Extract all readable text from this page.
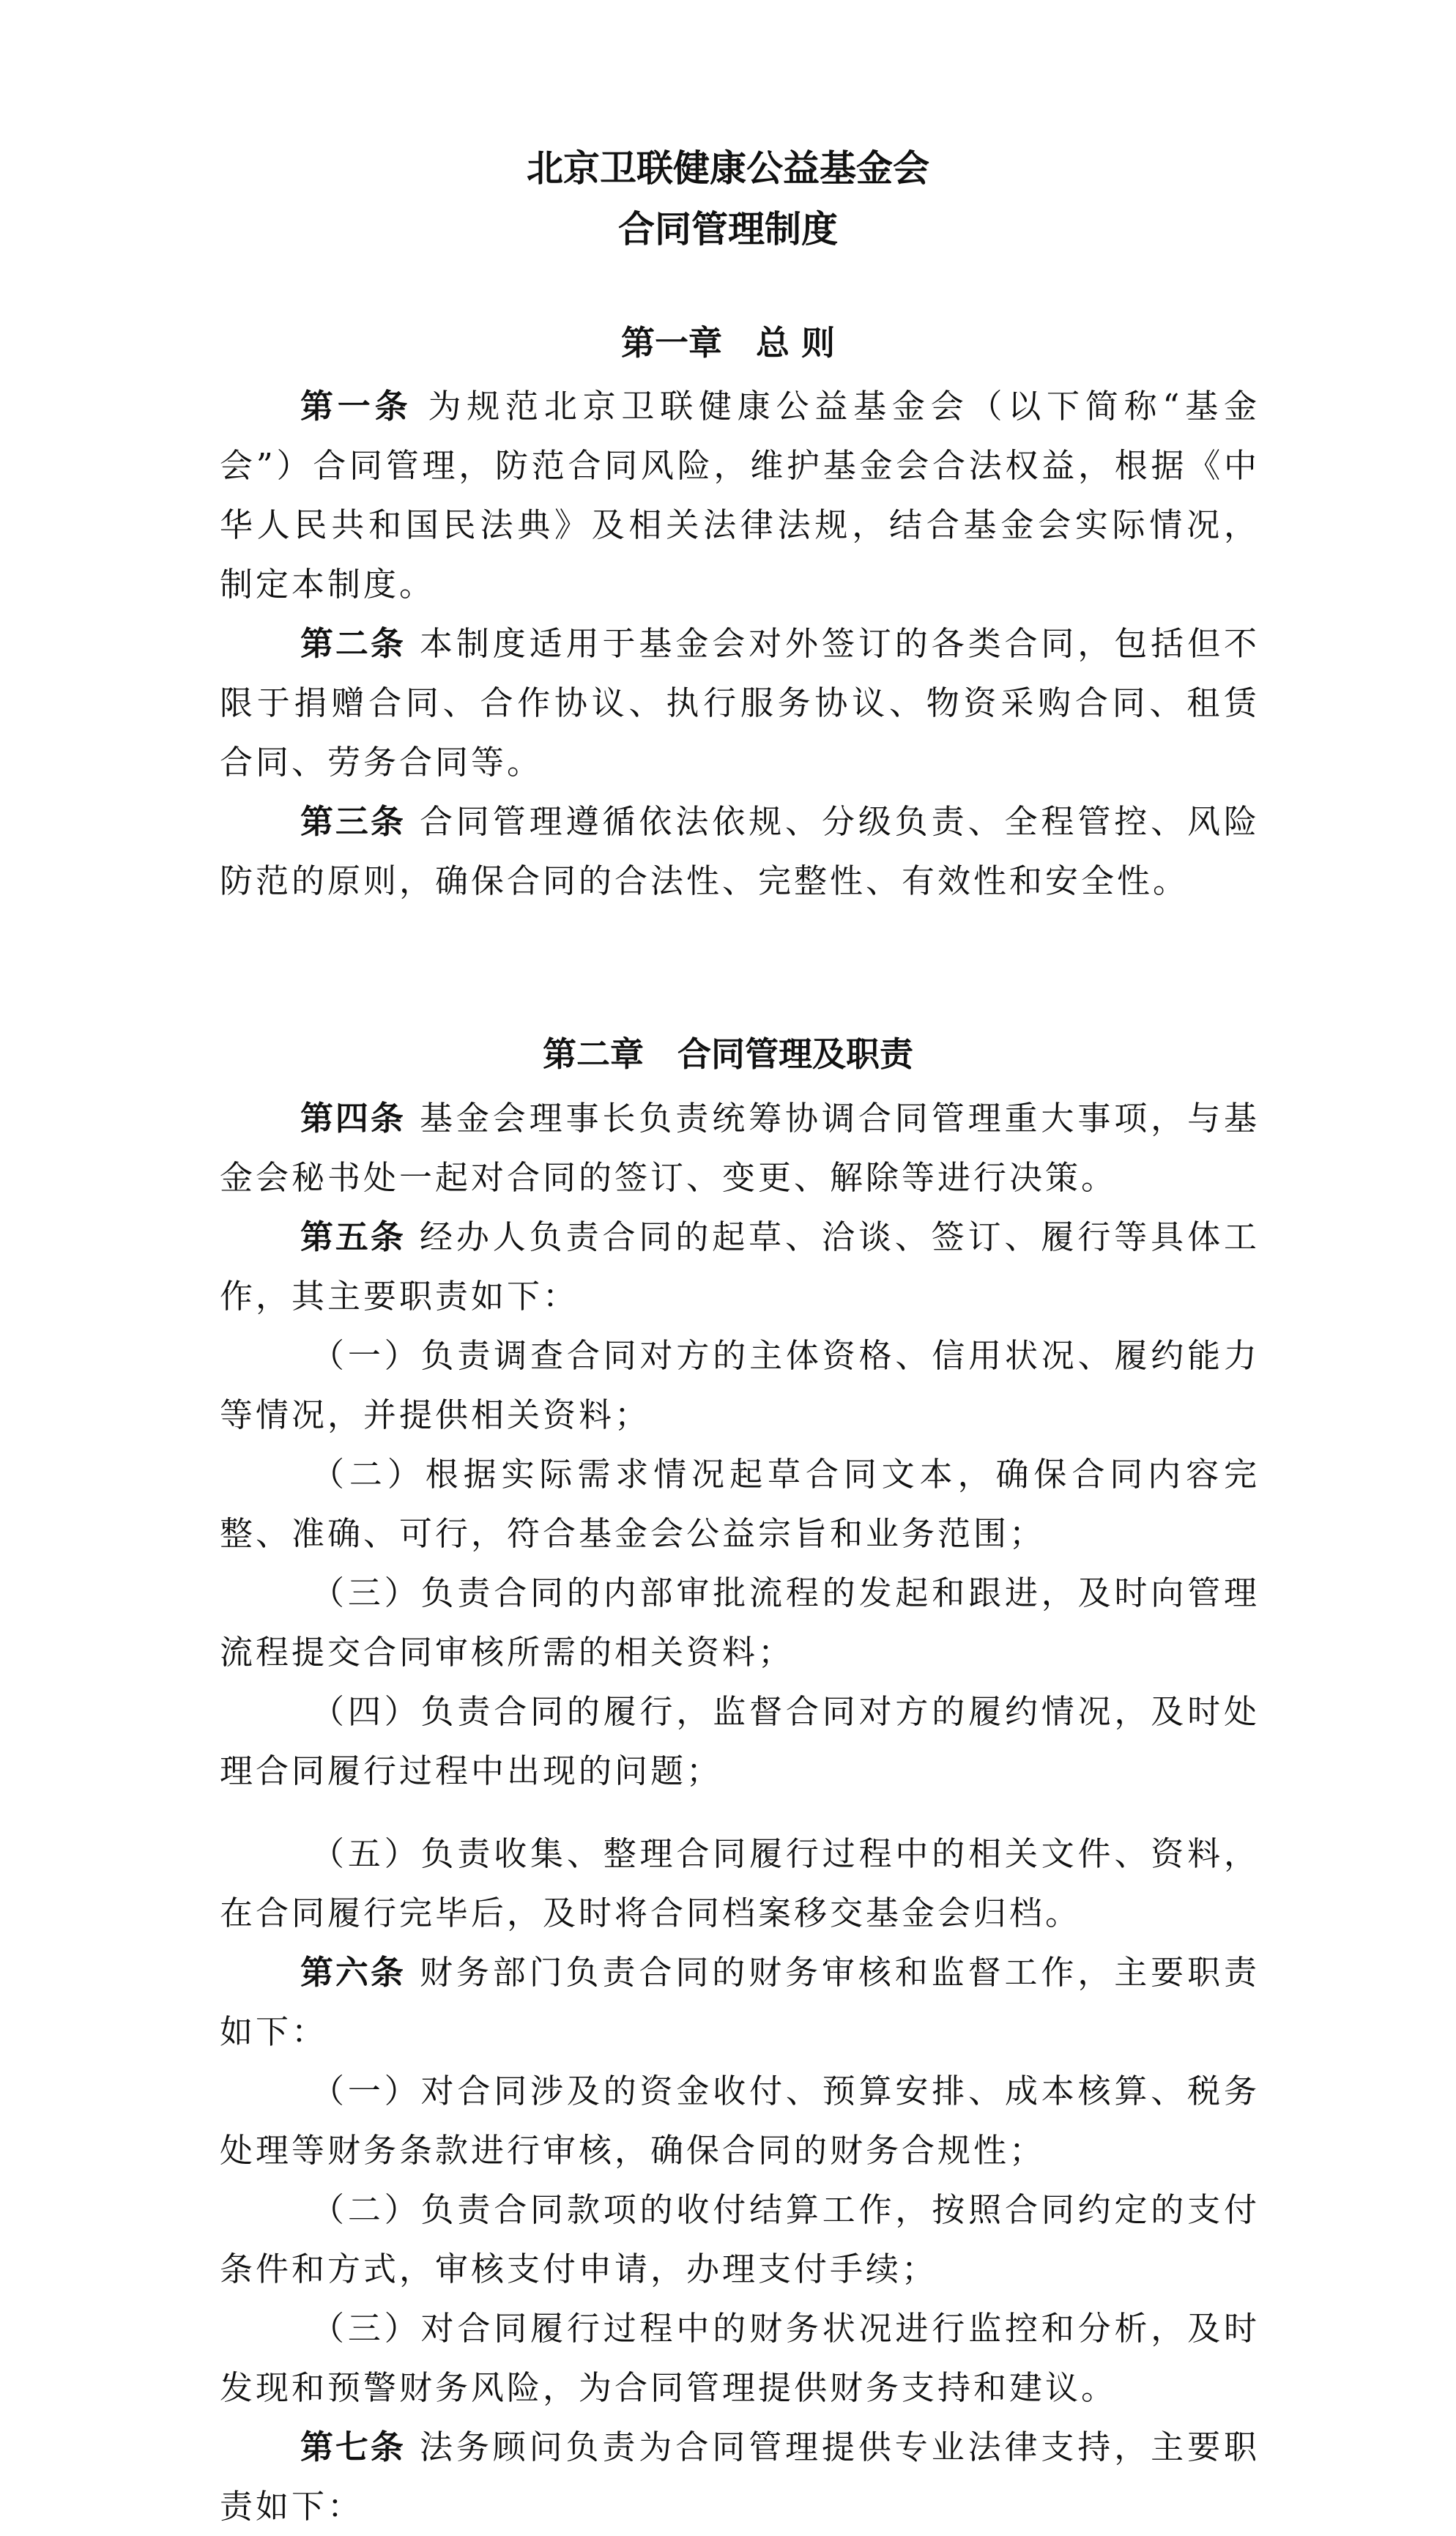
北京卫联健康公益基金会
合同管理制度
第一章　总 则

第一条 为规范北京卫联健康公益基金会（以下简称“基金会”）合同管理，防范合同风险，维护基金会合法权益，根据《中华人民共和国民法典》及相关法律法规，结合基金会实际情况，制定本制度。

第二条 本制度适用于基金会对外签订的各类合同，包括但不限于捐赠合同、合作协议、执行服务协议、物资采购合同、租赁合同、劳务合同等。

第三条 合同管理遵循依法依规、分级负责、全程管控、风险防范的原则，确保合同的合法性、完整性、有效性和安全性。

第二章　合同管理及职责

第四条 基金会理事长负责统筹协调合同管理重大事项，与基金会秘书处一起对合同的签订、变更、解除等进行决策。

第五条 经办人负责合同的起草、洽谈、签订、履行等具体工作，其主要职责如下：

（一）负责调查合同对方的主体资格、信用状况、履约能力等情况，并提供相关资料；

（二）根据实际需求情况起草合同文本，确保合同内容完整、准确、可行，符合基金会公益宗旨和业务范围；

（三）负责合同的内部审批流程的发起和跟进，及时向管理流程提交合同审核所需的相关资料；

（四）负责合同的履行，监督合同对方的履约情况，及时处理合同履行过程中出现的问题；

（五）负责收集、整理合同履行过程中的相关文件、资料，在合同履行完毕后，及时将合同档案移交基金会归档。

第六条 财务部门负责合同的财务审核和监督工作，主要职责如下：

（一）对合同涉及的资金收付、预算安排、成本核算、税务处理等财务条款进行审核，确保合同的财务合规性；

（二）负责合同款项的收付结算工作，按照合同约定的支付条件和方式，审核支付申请，办理支付手续；

（三）对合同履行过程中的财务状况进行监控和分析，及时发现和预警财务风险，为合同管理提供财务支持和建议。

第七条 法务顾问负责为合同管理提供专业法律支持，主要职责如下：
